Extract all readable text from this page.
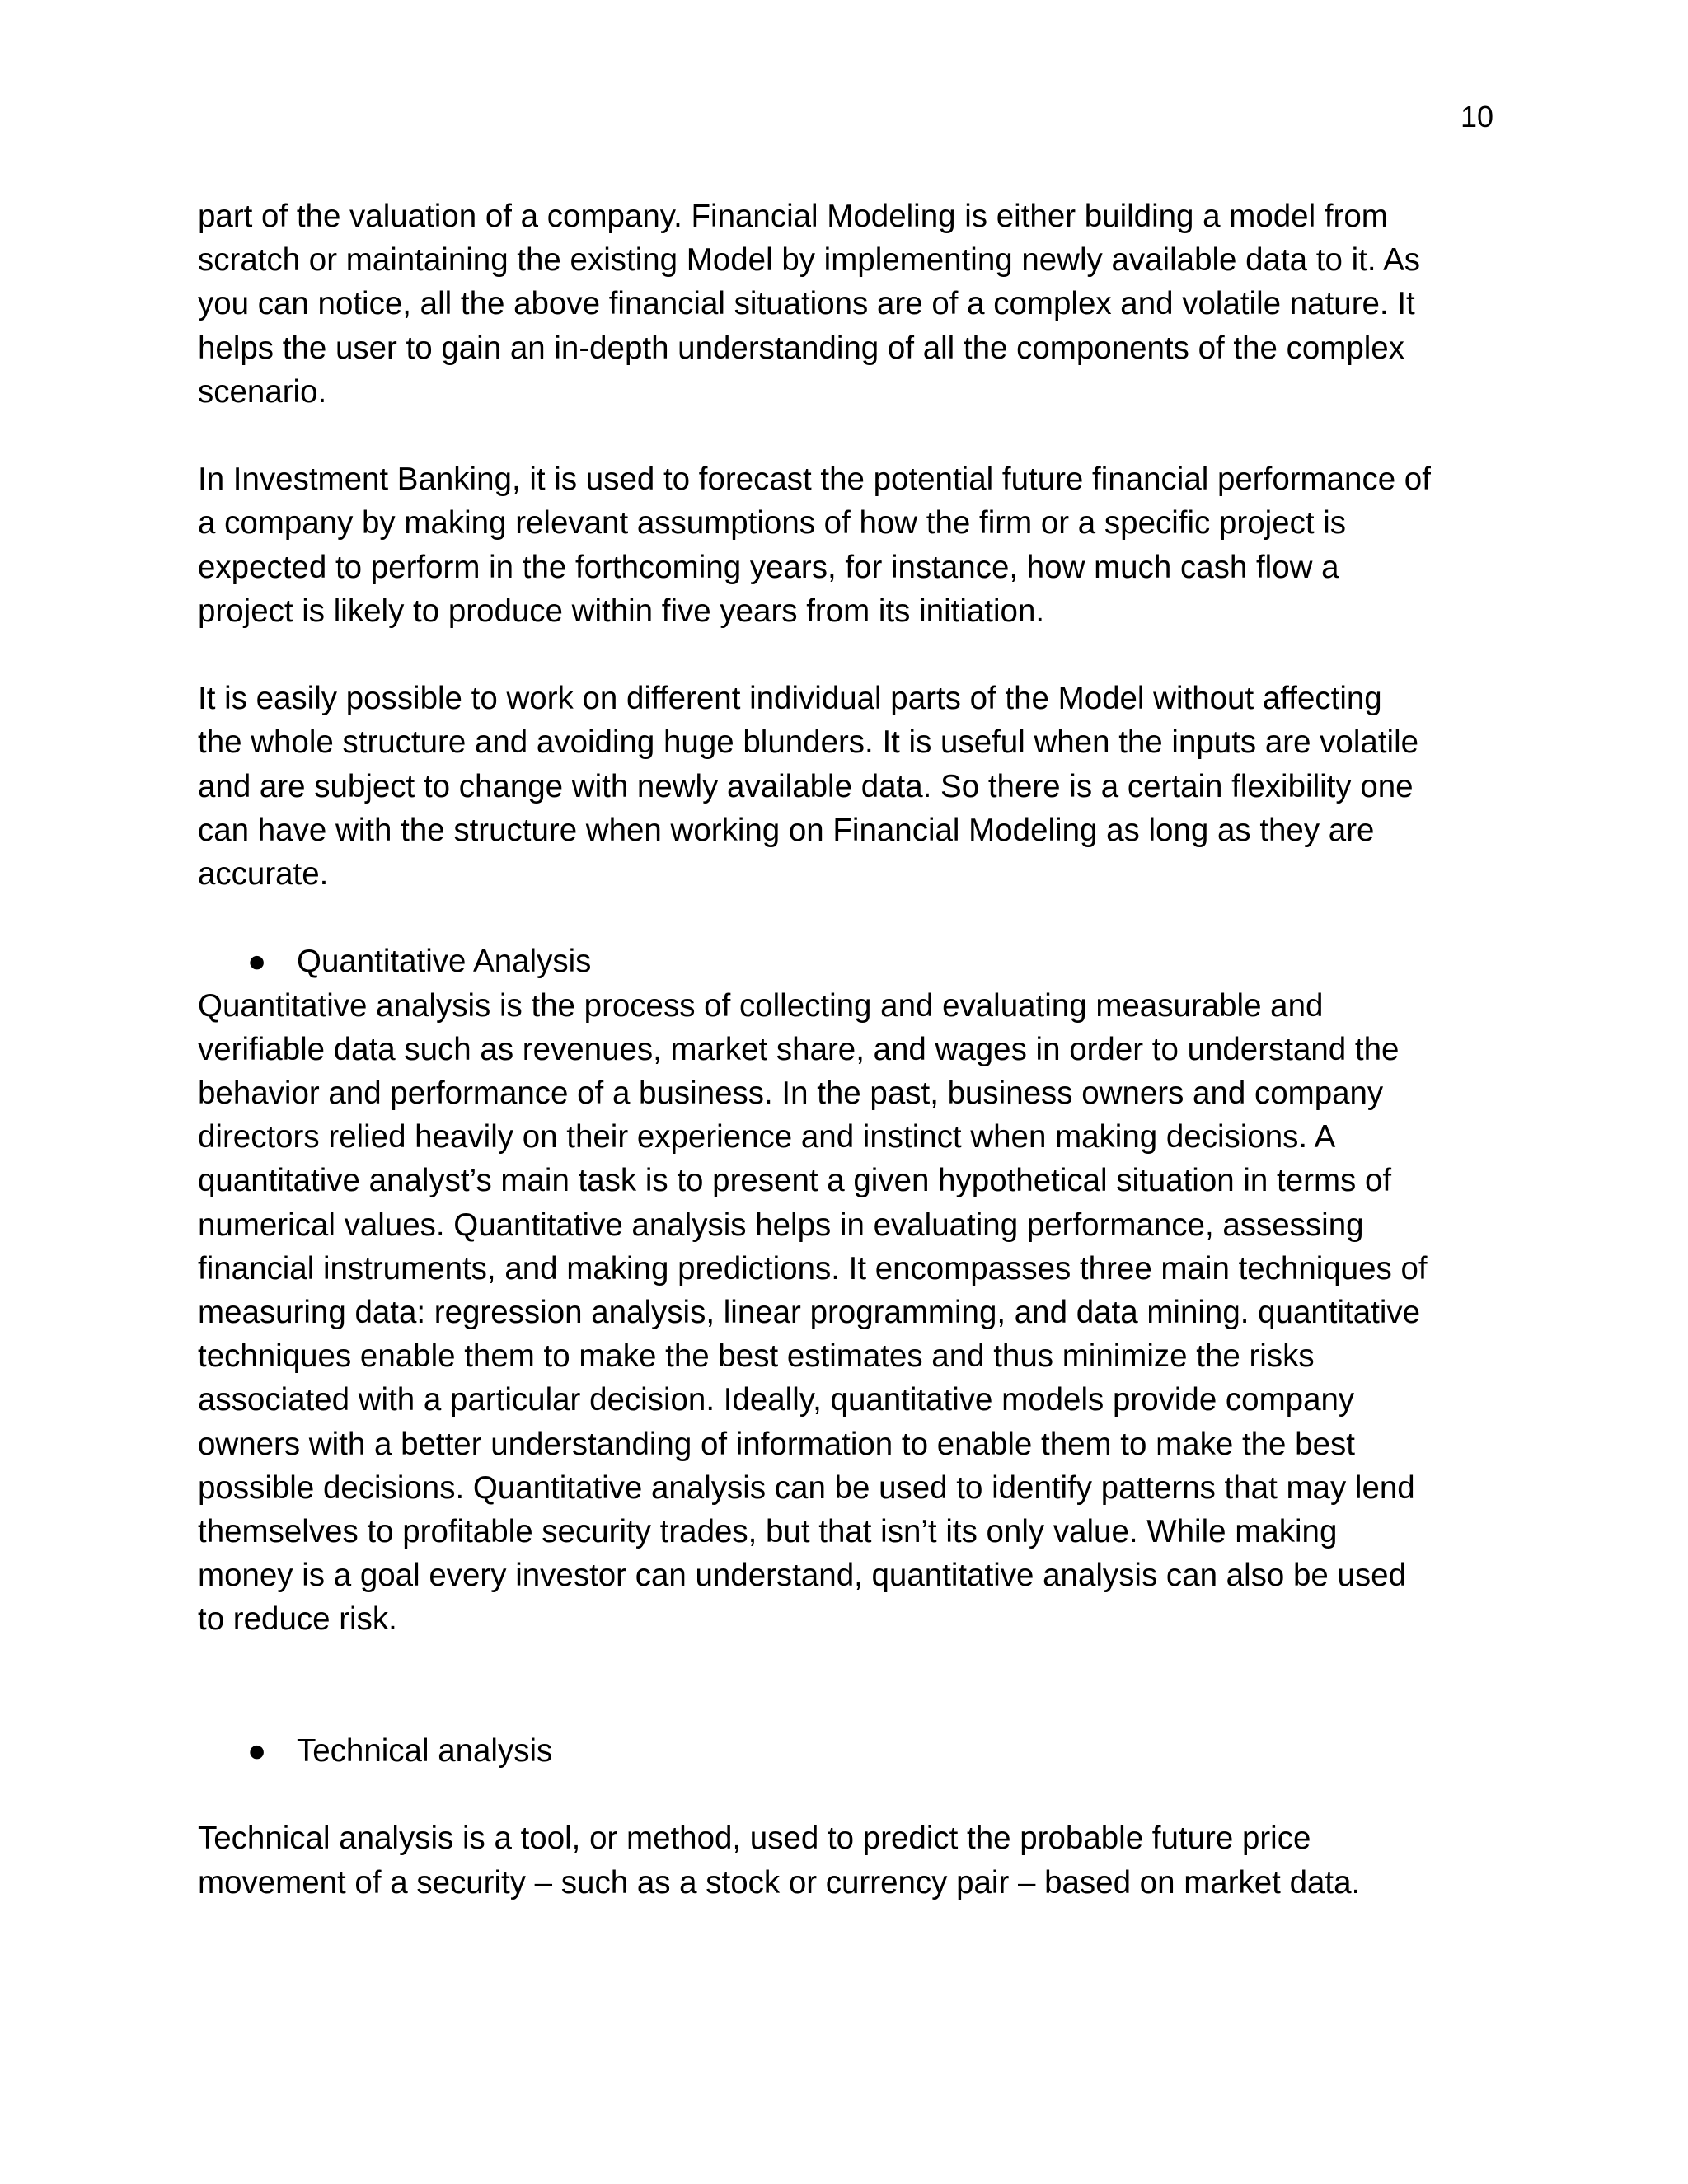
10
part of the valuation of a company. Financial Modeling is either building a model from
scratch or maintaining the existing Model by implementing newly available data to it. As
you can notice, all the above financial situations are of a complex and volatile nature. It
helps the user to gain an in-depth understanding of all the components of the complex
scenario.
In Investment Banking, it is used to forecast the potential future financial performance of
a company by making relevant assumptions of how the firm or a specific project is
expected to perform in the forthcoming years, for instance, how much cash flow a
project is likely to produce within five years from its initiation.
It is easily possible to work on different individual parts of the Model without affecting
the whole structure and avoiding huge blunders. It is useful when the inputs are volatile
and are subject to change with newly available data. So there is a certain flexibility one
can have with the structure when working on Financial Modeling as long as they are
accurate.
● Quantitative Analysis
Quantitative analysis is the process of collecting and evaluating measurable and
verifiable data such as revenues, market share, and wages in order to understand the
behavior and performance of a business. In the past, business owners and company
directors relied heavily on their experience and instinct when making decisions. A
quantitative analyst’s main task is to present a given hypothetical situation in terms of
numerical values. Quantitative analysis helps in evaluating performance, assessing
financial instruments, and making predictions. It encompasses three main techniques of
measuring data: regression analysis, linear programming, and data mining. quantitative
techniques enable them to make the best estimates and thus minimize the risks
associated with a particular decision. Ideally, quantitative models provide company
owners with a better understanding of information to enable them to make the best
possible decisions. Quantitative analysis can be used to identify patterns that may lend
themselves to profitable security trades, but that isn’t its only value. While making
money is a goal every investor can understand, quantitative analysis can also be used
to reduce risk.
● Technical analysis
Technical analysis is a tool, or method, used to predict the probable future price
movement of a security – such as a stock or currency pair – based on market data.
